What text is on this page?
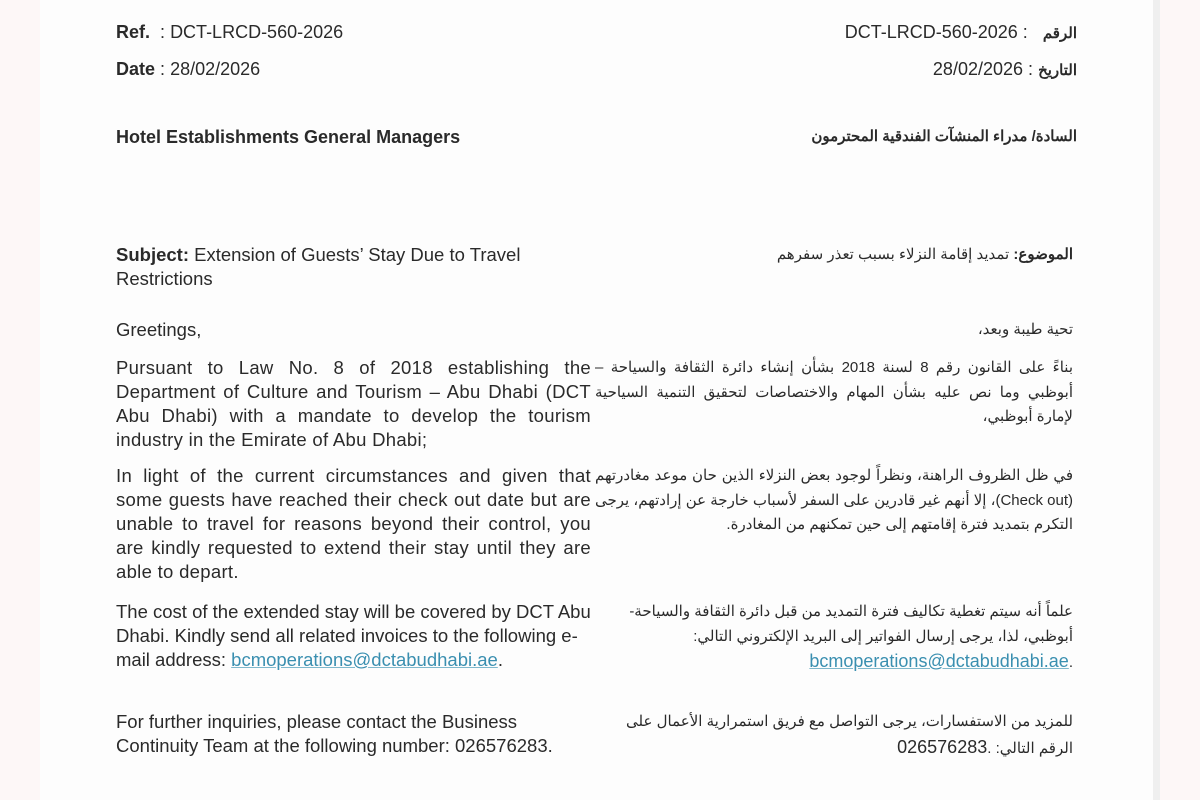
Ref. : DCT-LRCD-560-2026
Date : 28/02/2026
الرقم   : DCT-LRCD-560-2026
التاريخ : 28/02/2026
Hotel Establishments General Managers	السادة/ مدراء المنشآت الفندقية المحترمون
Subject: Extension of Guests’ Stay Due to Travel Restrictions
الموضوع: تمديد إقامة النزلاء بسبب تعذر سفرهم
Greetings,	تحية طيبة وبعد،
Pursuant to Law No. 8 of 2018 establishing the Department of Culture and Tourism – Abu Dhabi (DCT Abu Dhabi) with a mandate to develop the tourism industry in the Emirate of Abu Dhabi;
بناءً على القانون رقم 8 لسنة 2018 بشأن إنشاء دائرة الثقافة والسياحة – أبوظبي وما نص عليه بشأن المهام والاختصاصات لتحقيق التنمية السياحية لإمارة أبوظبي،
In light of the current circumstances and given that some guests have reached their check out date but are unable to travel for reasons beyond their control, you are kindly requested to extend their stay until they are able to depart.
في ظل الظروف الراهنة، ونظراً لوجود بعض النزلاء الذين حان موعد مغادرتهم (Check out)، إلا أنهم غير قادرين على السفر لأسباب خارجة عن إرادتهم، يرجى التكرم بتمديد فترة إقامتهم إلى حين تمكنهم من المغادرة.
The cost of the extended stay will be covered by DCT Abu Dhabi. Kindly send all related invoices to the following e-mail address: bcmoperations@dctabudhabi.ae.
علماً أنه سيتم تغطية تكاليف فترة التمديد من قبل دائرة الثقافة والسياحة- أبوظبي، لذا، يرجى إرسال الفواتير إلى البريد الإلكتروني التالي:
.bcmoperations@dctabudhabi.ae
For further inquiries, please contact the Business Continuity Team at the following number: 026576283.
للمزيد من الاستفسارات، يرجى التواصل مع فريق استمرارية الأعمال على الرقم التالي: .026576283
